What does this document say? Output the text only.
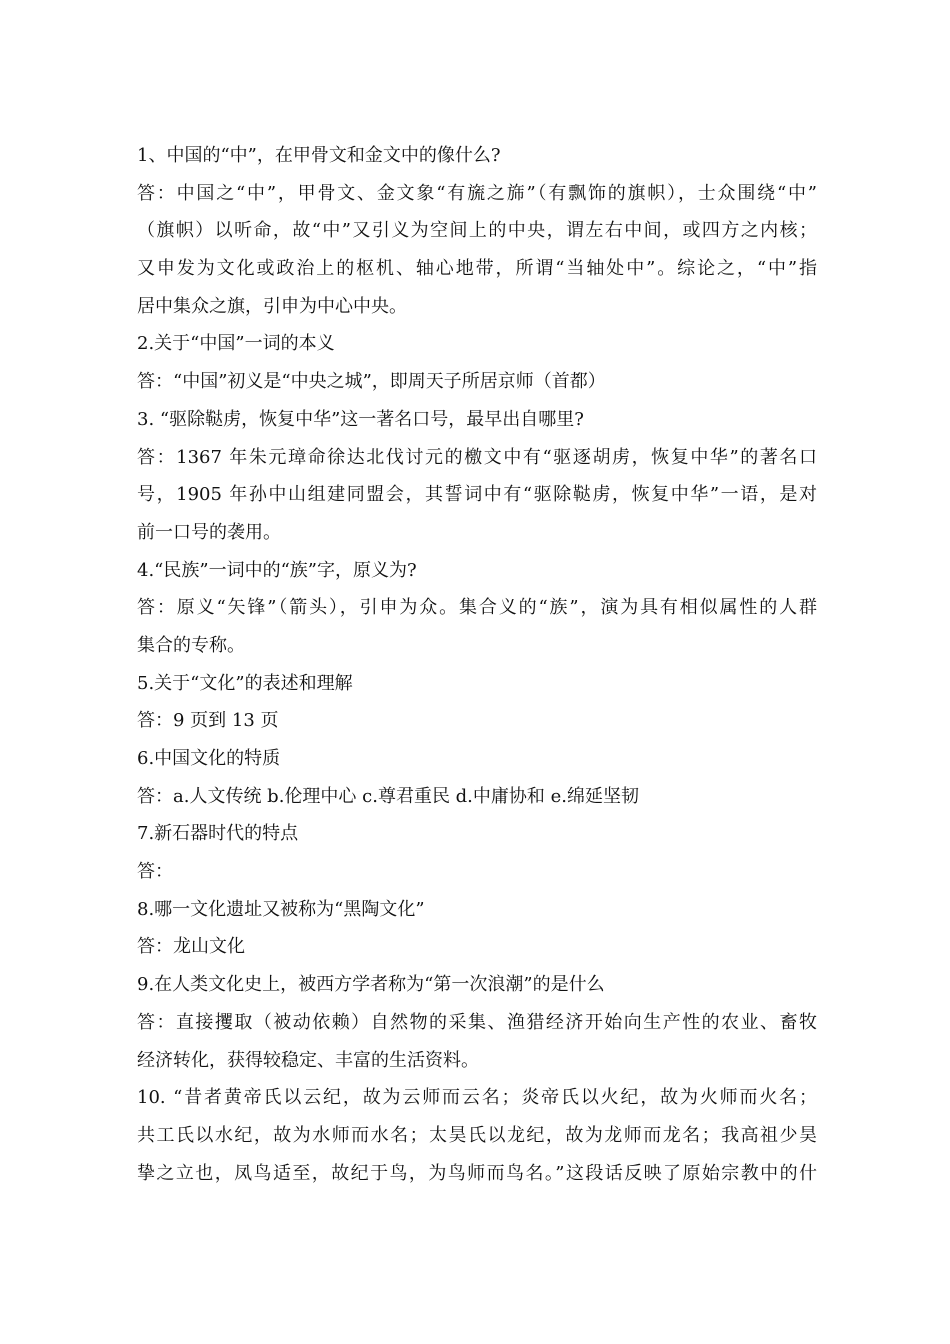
1、中国的“中”，在甲骨文和金文中的像什么?
答：中国之“中”，甲骨文、金文象“有旒之旆”（有飘饰的旗帜），士众围绕“中”
（旗帜）以听命，故“中”又引义为空间上的中央，谓左右中间，或四方之内核；
又申发为文化或政治上的枢机、轴心地带，所谓“当轴处中”。综论之，“中”指
居中集众之旗，引申为中心中央。
2.关于“中国”一词的本义
答：“中国”初义是“中央之城”，即周天子所居京师（首都）
3. “驱除鞑虏，恢复中华”这一著名口号，最早出自哪里?
答：1367 年朱元璋命徐达北伐讨元的檄文中有“驱逐胡虏，恢复中华”的著名口
号，1905 年孙中山组建同盟会，其誓词中有“驱除鞑虏，恢复中华”一语，是对
前一口号的袭用。
4.“民族”一词中的“族”字，原义为?
答：原义“矢锋”（箭头），引申为众。集合义的“族”，演为具有相似属性的人群
集合的专称。
5.关于“文化”的表述和理解
答：9 页到 13 页
6.中国文化的特质
答：a.人文传统 b.伦理中心 c.尊君重民 d.中庸协和 e.绵延坚韧
7.新石器时代的特点
答：
8.哪一文化遗址又被称为“黑陶文化”
答：龙山文化
9.在人类文化史上，被西方学者称为“第一次浪潮”的是什么
答：直接攫取（被动依赖）自然物的采集、渔猎经济开始向生产性的农业、畜牧
经济转化，获得较稳定、丰富的生活资料。
10. “昔者黄帝氏以云纪，故为云师而云名；炎帝氏以火纪，故为火师而火名；
共工氏以水纪，故为水师而水名；太昊氏以龙纪，故为龙师而龙名；我高祖少昊
挚之立也，凤鸟适至，故纪于鸟，为鸟师而鸟名。”这段话反映了原始宗教中的什
